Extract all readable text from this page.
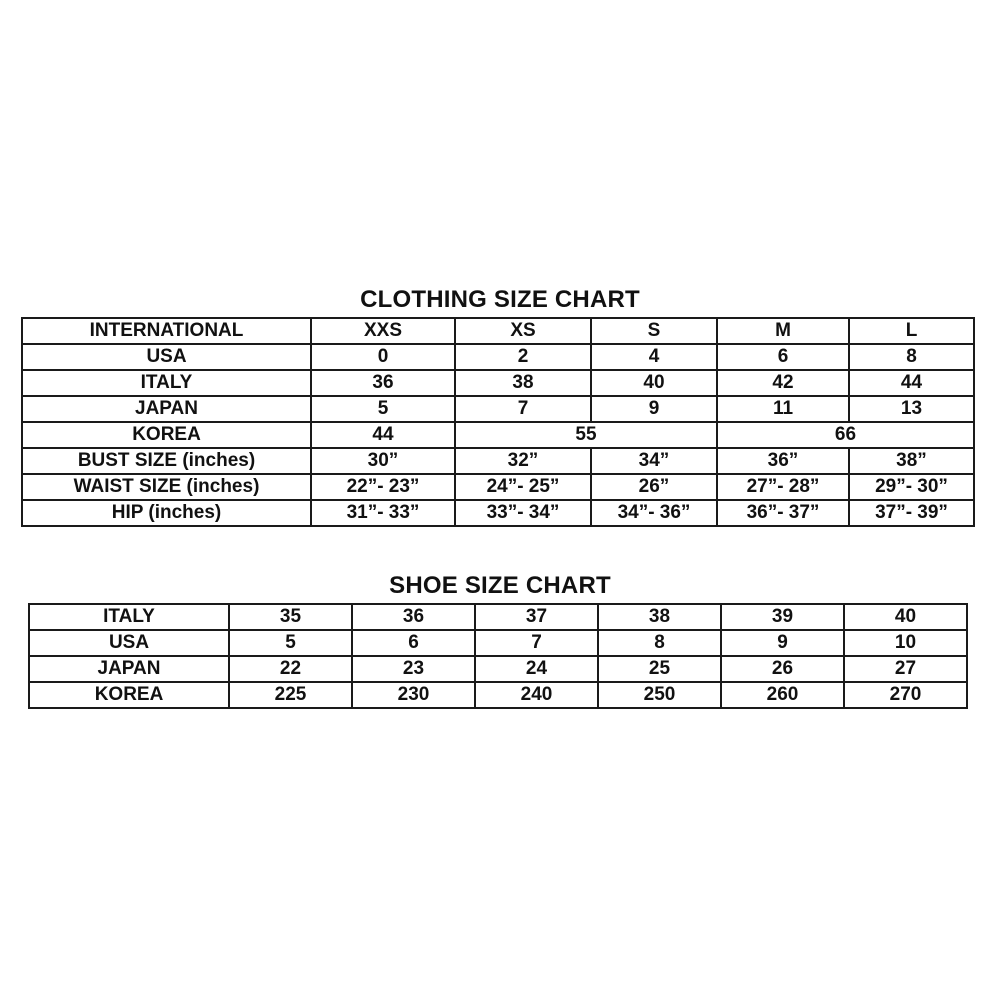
CLOTHING SIZE CHART
INTERNATIONAL	XXS	XS	S	M	L
USA	0	2	4	6	8
ITALY	36	38	40	42	44
JAPAN	5	7	9	11	13
KOREA	44	55		66	
BUST SIZE (inches)	30”	32”	34”	36”	38”
WAIST SIZE (inches)	22”- 23”	24”- 25”	26”	27”- 28”	29”- 30”
HIP (inches)	31”- 33”	33”- 34”	34”- 36”	36”- 37”	37”- 39”
SHOE SIZE CHART
ITALY	35	36	37	38	39	40
USA	5	6	7	8	9	10
JAPAN	22	23	24	25	26	27
KOREA	225	230	240	250	260	270
